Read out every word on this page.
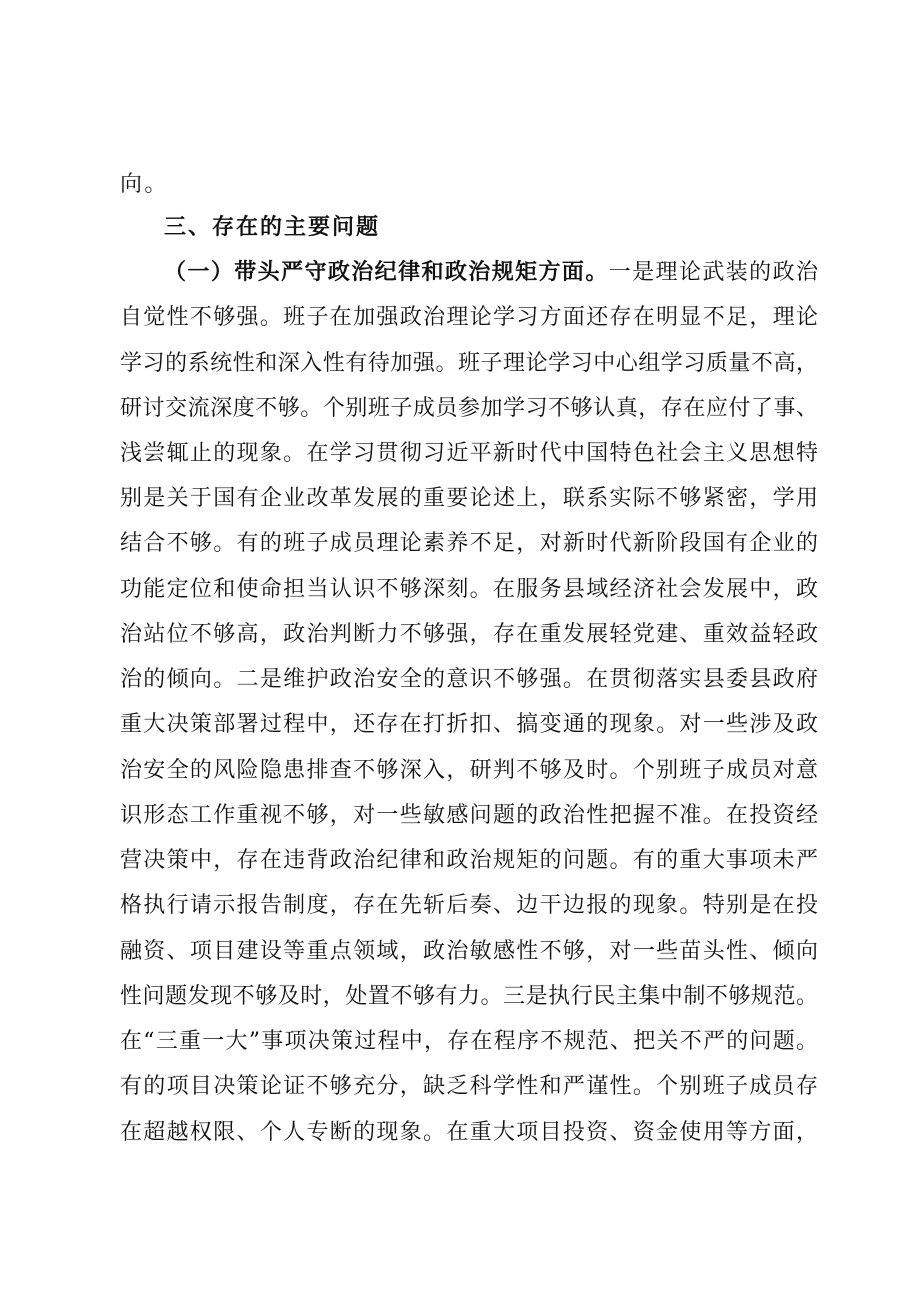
向。
三、存在的主要问题
（一）带头严守政治纪律和政治规矩方面。一是理论武装的政治
自觉性不够强。班子在加强政治理论学习方面还存在明显不足，理论
学习的系统性和深入性有待加强。班子理论学习中心组学习质量不高，
研讨交流深度不够。个别班子成员参加学习不够认真，存在应付了事、
浅尝辄止的现象。在学习贯彻习近平新时代中国特色社会主义思想特
别是关于国有企业改革发展的重要论述上，联系实际不够紧密，学用
结合不够。有的班子成员理论素养不足，对新时代新阶段国有企业的
功能定位和使命担当认识不够深刻。在服务县域经济社会发展中，政
治站位不够高，政治判断力不够强，存在重发展轻党建、重效益轻政
治的倾向。二是维护政治安全的意识不够强。在贯彻落实县委县政府
重大决策部署过程中，还存在打折扣、搞变通的现象。对一些涉及政
治安全的风险隐患排查不够深入，研判不够及时。个别班子成员对意
识形态工作重视不够，对一些敏感问题的政治性把握不准。在投资经
营决策中，存在违背政治纪律和政治规矩的问题。有的重大事项未严
格执行请示报告制度，存在先斩后奏、边干边报的现象。特别是在投
融资、项目建设等重点领域，政治敏感性不够，对一些苗头性、倾向
性问题发现不够及时，处置不够有力。三是执行民主集中制不够规范。
在“三重一大”事项决策过程中，存在程序不规范、把关不严的问题。
有的项目决策论证不够充分，缺乏科学性和严谨性。个别班子成员存
在超越权限、个人专断的现象。在重大项目投资、资金使用等方面，
